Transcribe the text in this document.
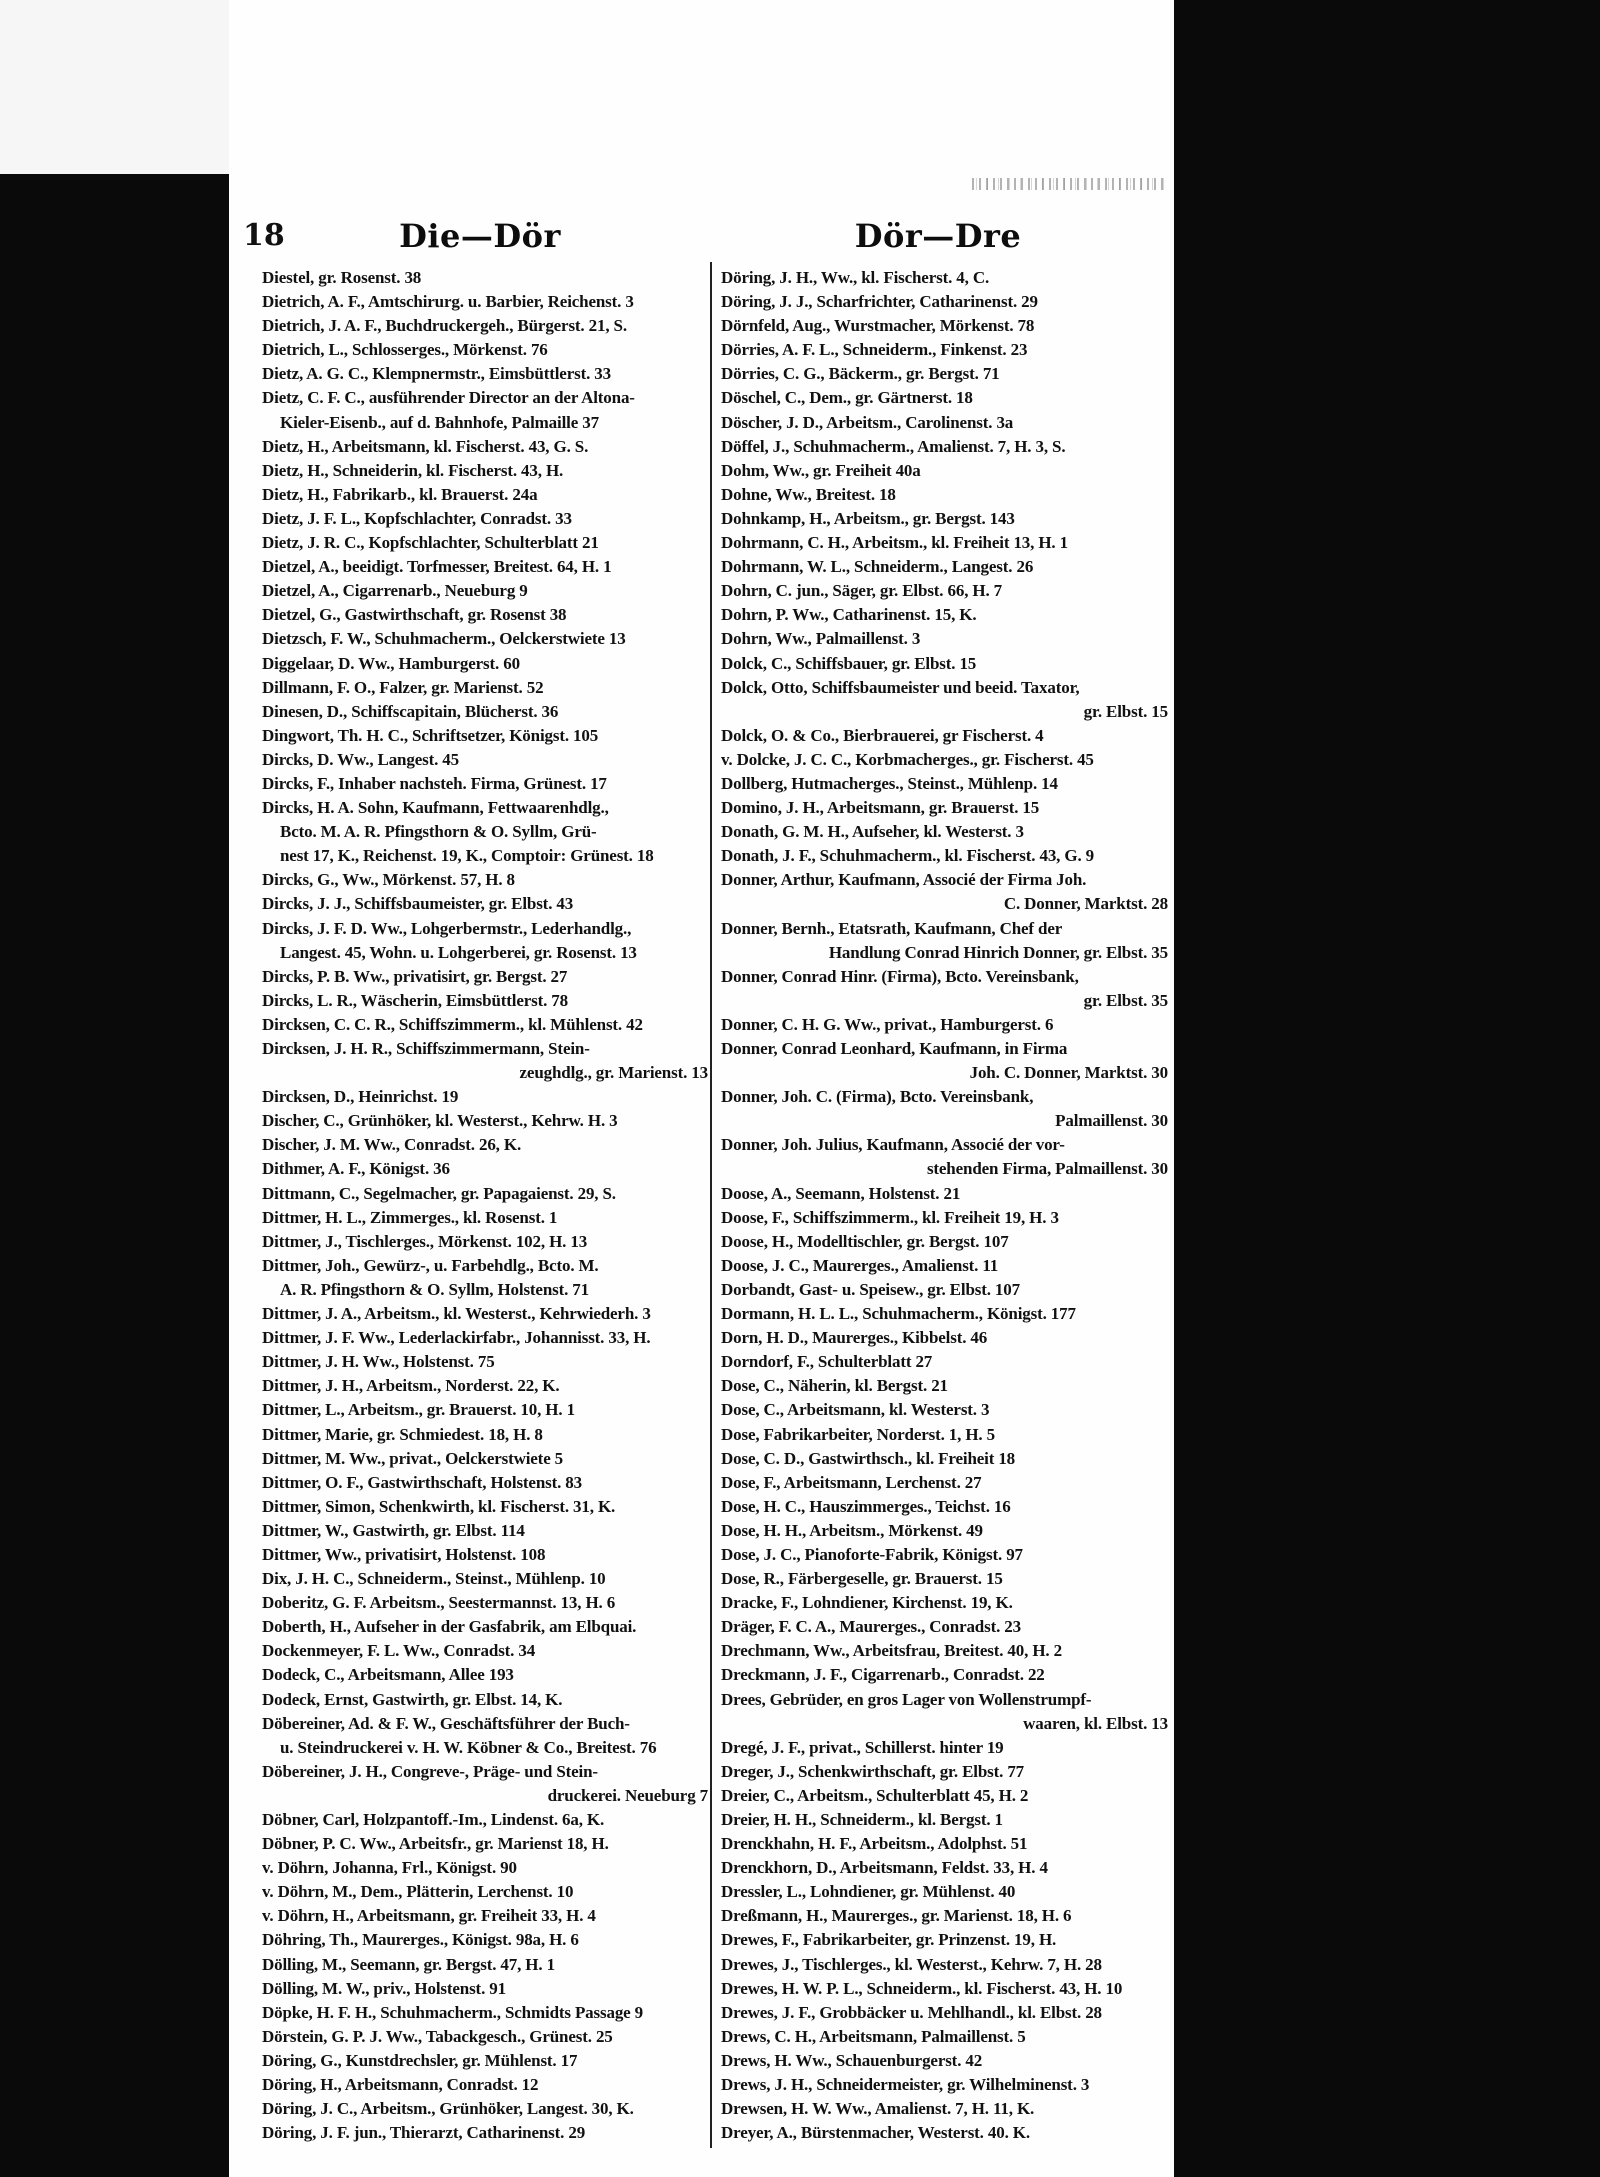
18	Die—Dör	Dör—Dre
Diestel, gr. Rosenst. 38
Dietrich, A. F., Amtschirurg. u. Barbier, Reichenst. 3
Dietrich, J. A. F., Buchdruckergeh., Bürgerst. 21, S.
Dietrich, L., Schlosserges., Mörkenst. 76
Dietz, A. G. C., Klempnermstr., Eimsbüttlerst. 33
Dietz, C. F. C., ausführender Director an der Altona-
Kieler-Eisenb., auf d. Bahnhofe, Palmaille 37
Dietz, H., Arbeitsmann, kl. Fischerst. 43, G. S.
Dietz, H., Schneiderin, kl. Fischerst. 43, H.
Dietz, H., Fabrikarb., kl. Brauerst. 24a
Dietz, J. F. L., Kopfschlachter, Conradst. 33
Dietz, J. R. C., Kopfschlachter, Schulterblatt 21
Dietzel, A., beeidigt. Torfmesser, Breitest. 64, H. 1
Dietzel, A., Cigarrenarb., Neueburg 9
Dietzel, G., Gastwirthschaft, gr. Rosenst 38
Dietzsch, F. W., Schuhmacherm., Oelckerstwiete 13
Diggelaar, D. Ww., Hamburgerst. 60
Dillmann, F. O., Falzer, gr. Marienst. 52
Dinesen, D., Schiffscapitain, Blücherst. 36
Dingwort, Th. H. C., Schriftsetzer, Königst. 105
Dircks, D. Ww., Langest. 45
Dircks, F., Inhaber nachsteh. Firma, Grünest. 17
Dircks, H. A. Sohn, Kaufmann, Fettwaarenhdlg.,
Bcto. M. A. R. Pfingsthorn & O. Syllm, Grü-
nest 17, K., Reichenst. 19, K., Comptoir: Grünest. 18
Dircks, G., Ww., Mörkenst. 57, H. 8
Dircks, J. J., Schiffsbaumeister, gr. Elbst. 43
Dircks, J. F. D. Ww., Lohgerbermstr., Lederhandlg.,
Langest. 45, Wohn. u. Lohgerberei, gr. Rosenst. 13
Dircks, P. B. Ww., privatisirt, gr. Bergst. 27
Dircks, L. R., Wäscherin, Eimsbüttlerst. 78
Dircksen, C. C. R., Schiffszimmerm., kl. Mühlenst. 42
Dircksen, J. H. R., Schiffszimmermann, Stein-
zeughdlg., gr. Marienst. 13
Dircksen, D., Heinrichst. 19
Discher, C., Grünhöker, kl. Westerst., Kehrw. H. 3
Discher, J. M. Ww., Conradst. 26, K.
Dithmer, A. F., Königst. 36
Dittmann, C., Segelmacher, gr. Papagaienst. 29, S.
Dittmer, H. L., Zimmerges., kl. Rosenst. 1
Dittmer, J., Tischlerges., Mörkenst. 102, H. 13
Dittmer, Joh., Gewürz-, u. Farbehdlg., Bcto. M.
A. R. Pfingsthorn & O. Syllm, Holstenst. 71
Dittmer, J. A., Arbeitsm., kl. Westerst., Kehrwiederh. 3
Dittmer, J. F. Ww., Lederlackirfabr., Johannisst. 33, H.
Dittmer, J. H. Ww., Holstenst. 75
Dittmer, J. H., Arbeitsm., Norderst. 22, K.
Dittmer, L., Arbeitsm., gr. Brauerst. 10, H. 1
Dittmer, Marie, gr. Schmiedest. 18, H. 8
Dittmer, M. Ww., privat., Oelckerstwiete 5
Dittmer, O. F., Gastwirthschaft, Holstenst. 83
Dittmer, Simon, Schenkwirth, kl. Fischerst. 31, K.
Dittmer, W., Gastwirth, gr. Elbst. 114
Dittmer, Ww., privatisirt, Holstenst. 108
Dix, J. H. C., Schneiderm., Steinst., Mühlenp. 10
Doberitz, G. F. Arbeitsm., Seestermannst. 13, H. 6
Doberth, H., Aufseher in der Gasfabrik, am Elbquai.
Dockenmeyer, F. L. Ww., Conradst. 34
Dodeck, C., Arbeitsmann, Allee 193
Dodeck, Ernst, Gastwirth, gr. Elbst. 14, K.
Döbereiner, Ad. & F. W., Geschäftsführer der Buch-
u. Steindruckerei v. H. W. Köbner & Co., Breitest. 76
Döbereiner, J. H., Congreve-, Präge- und Stein-
druckerei. Neueburg 7
Döbner, Carl, Holzpantoff.-Im., Lindenst. 6a, K.
Döbner, P. C. Ww., Arbeitsfr., gr. Marienst 18, H.
v. Döhrn, Johanna, Frl., Königst. 90
v. Döhrn, M., Dem., Plätterin, Lerchenst. 10
v. Döhrn, H., Arbeitsmann, gr. Freiheit 33, H. 4
Döhring, Th., Maurerges., Königst. 98a, H. 6
Dölling, M., Seemann, gr. Bergst. 47, H. 1
Dölling, M. W., priv., Holstenst. 91
Döpke, H. F. H., Schuhmacherm., Schmidts Passage 9
Dörstein, G. P. J. Ww., Tabackgesch., Grünest. 25
Döring, G., Kunstdrechsler, gr. Mühlenst. 17
Döring, H., Arbeitsmann, Conradst. 12
Döring, J. C., Arbeitsm., Grünhöker, Langest. 30, K.
Döring, J. F. jun., Thierarzt, Catharinenst. 29
Döring, J. H., Ww., kl. Fischerst. 4, C.
Döring, J. J., Scharfrichter, Catharinenst. 29
Dörnfeld, Aug., Wurstmacher, Mörkenst. 78
Dörries, A. F. L., Schneiderm., Finkenst. 23
Dörries, C. G., Bäckerm., gr. Bergst. 71
Döschel, C., Dem., gr. Gärtnerst. 18
Döscher, J. D., Arbeitsm., Carolinenst. 3a
Döffel, J., Schuhmacherm., Amalienst. 7, H. 3, S.
Dohm, Ww., gr. Freiheit 40a
Dohne, Ww., Breitest. 18
Dohnkamp, H., Arbeitsm., gr. Bergst. 143
Dohrmann, C. H., Arbeitsm., kl. Freiheit 13, H. 1
Dohrmann, W. L., Schneiderm., Langest. 26
Dohrn, C. jun., Säger, gr. Elbst. 66, H. 7
Dohrn, P. Ww., Catharinenst. 15, K.
Dohrn, Ww., Palmaillenst. 3
Dolck, C., Schiffsbauer, gr. Elbst. 15
Dolck, Otto, Schiffsbaumeister und beeid. Taxator,
gr. Elbst. 15
Dolck, O. & Co., Bierbrauerei, gr Fischerst. 4
v. Dolcke, J. C. C., Korbmacherges., gr. Fischerst. 45
Dollberg, Hutmacherges., Steinst., Mühlenp. 14
Domino, J. H., Arbeitsmann, gr. Brauerst. 15
Donath, G. M. H., Aufseher, kl. Westerst. 3
Donath, J. F., Schuhmacherm., kl. Fischerst. 43, G. 9
Donner, Arthur, Kaufmann, Associé der Firma Joh.
C. Donner, Marktst. 28
Donner, Bernh., Etatsrath, Kaufmann, Chef der
Handlung Conrad Hinrich Donner, gr. Elbst. 35
Donner, Conrad Hinr. (Firma), Bcto. Vereinsbank,
gr. Elbst. 35
Donner, C. H. G. Ww., privat., Hamburgerst. 6
Donner, Conrad Leonhard, Kaufmann, in Firma
Joh. C. Donner, Marktst. 30
Donner, Joh. C. (Firma), Bcto. Vereinsbank,
Palmaillenst. 30
Donner, Joh. Julius, Kaufmann, Associé der vor-
stehenden Firma, Palmaillenst. 30
Doose, A., Seemann, Holstenst. 21
Doose, F., Schiffszimmerm., kl. Freiheit 19, H. 3
Doose, H., Modelltischler, gr. Bergst. 107
Doose, J. C., Maurerges., Amalienst. 11
Dorbandt, Gast- u. Speisew., gr. Elbst. 107
Dormann, H. L. L., Schuhmacherm., Königst. 177
Dorn, H. D., Maurerges., Kibbelst. 46
Dorndorf, F., Schulterblatt 27
Dose, C., Näherin, kl. Bergst. 21
Dose, C., Arbeitsmann, kl. Westerst. 3
Dose, Fabrikarbeiter, Norderst. 1, H. 5
Dose, C. D., Gastwirthsch., kl. Freiheit 18
Dose, F., Arbeitsmann, Lerchenst. 27
Dose, H. C., Hauszimmerges., Teichst. 16
Dose, H. H., Arbeitsm., Mörkenst. 49
Dose, J. C., Pianoforte-Fabrik, Königst. 97
Dose, R., Färbergeselle, gr. Brauerst. 15
Dracke, F., Lohndiener, Kirchenst. 19, K.
Dräger, F. C. A., Maurerges., Conradst. 23
Drechmann, Ww., Arbeitsfrau, Breitest. 40, H. 2
Dreckmann, J. F., Cigarrenarb., Conradst. 22
Drees, Gebrüder, en gros Lager von Wollenstrumpf-
waaren, kl. Elbst. 13
Dregé, J. F., privat., Schillerst. hinter 19
Dreger, J., Schenkwirthschaft, gr. Elbst. 77
Dreier, C., Arbeitsm., Schulterblatt 45, H. 2
Dreier, H. H., Schneiderm., kl. Bergst. 1
Drenckhahn, H. F., Arbeitsm., Adolphst. 51
Drenckhorn, D., Arbeitsmann, Feldst. 33, H. 4
Dressler, L., Lohndiener, gr. Mühlenst. 40
Dreßmann, H., Maurerges., gr. Marienst. 18, H. 6
Drewes, F., Fabrikarbeiter, gr. Prinzenst. 19, H.
Drewes, J., Tischlerges., kl. Westerst., Kehrw. 7, H. 28
Drewes, H. W. P. L., Schneiderm., kl. Fischerst. 43, H. 10
Drewes, J. F., Grobbäcker u. Mehlhandl., kl. Elbst. 28
Drews, C. H., Arbeitsmann, Palmaillenst. 5
Drews, H. Ww., Schauenburgerst. 42
Drews, J. H., Schneidermeister, gr. Wilhelminenst. 3
Drewsen, H. W. Ww., Amalienst. 7, H. 11, K.
Dreyer, A., Bürstenmacher, Westerst. 40. K.
